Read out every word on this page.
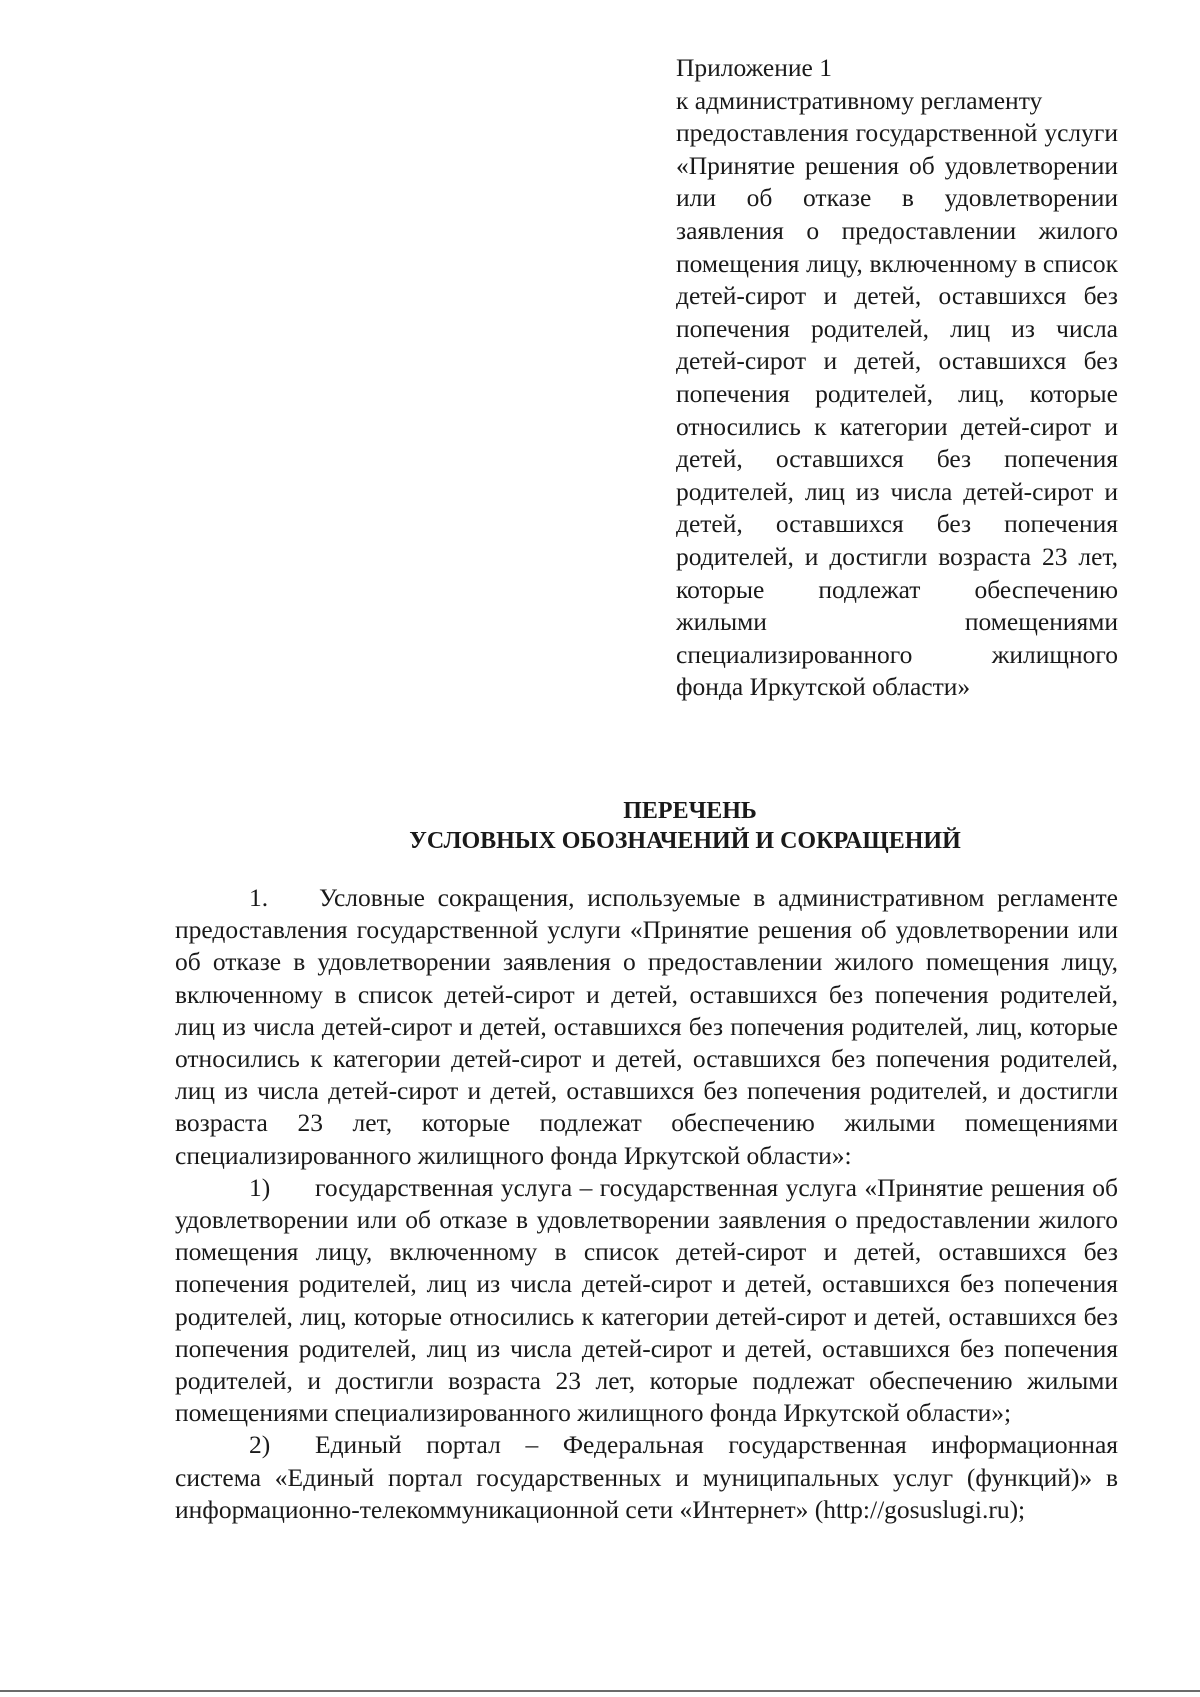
Приложение 1
к административному регламенту

предоставления государственной услуги «Принятие решения об удовлетворении или об отказе в удовлетворении заявления о предоставлении жилого помещения лицу, включенному в список детей-сирот и детей, оставшихся без попечения родителей, лиц из числа детей-сирот и детей, оставшихся без попечения родителей, лиц, которые относились к категории детей-сирот и детей, оставшихся без попечения родителей, лиц из числа детей-сирот и детей, оставшихся без попечения родителей, и достигли возраста 23 лет, которые подлежат обеспечению жилыми помещениями специализированного жилищного фонда Иркутской области»

ПЕРЕЧЕНЬ
УСЛОВНЫХ ОБОЗНАЧЕНИЙ И СОКРАЩЕНИЙ

1. Условные сокращения, используемые в административном регламенте предоставления государственной услуги «Принятие решения об удовлетворении или об отказе в удовлетворении заявления о предоставлении жилого помещения лицу, включенному в список детей-сирот и детей, оставшихся без попечения родителей, лиц из числа детей-сирот и детей, оставшихся без попечения родителей, лиц, которые относились к категории детей-сирот и детей, оставшихся без попечения родителей, лиц из числа детей-сирот и детей, оставшихся без попечения родителей, и достигли возраста 23 лет, которые подлежат обеспечению жилыми помещениями специализированного жилищного фонда Иркутской области»:

1) государственная услуга – государственная услуга «Принятие решения об удовлетворении или об отказе в удовлетворении заявления о предоставлении жилого помещения лицу, включенному в список детей-сирот и детей, оставшихся без попечения родителей, лиц из числа детей-сирот и детей, оставшихся без попечения родителей, лиц, которые относились к категории детей-сирот и детей, оставшихся без попечения родителей, лиц из числа детей-сирот и детей, оставшихся без попечения родителей, и достигли возраста 23 лет, которые подлежат обеспечению жилыми помещениями специализированного жилищного фонда Иркутской области»;

2) Единый портал – Федеральная государственная информационная система «Единый портал государственных и муниципальных услуг (функций)» в информационно-телекоммуникационной сети «Интернет» (http://gosuslugi.ru);
